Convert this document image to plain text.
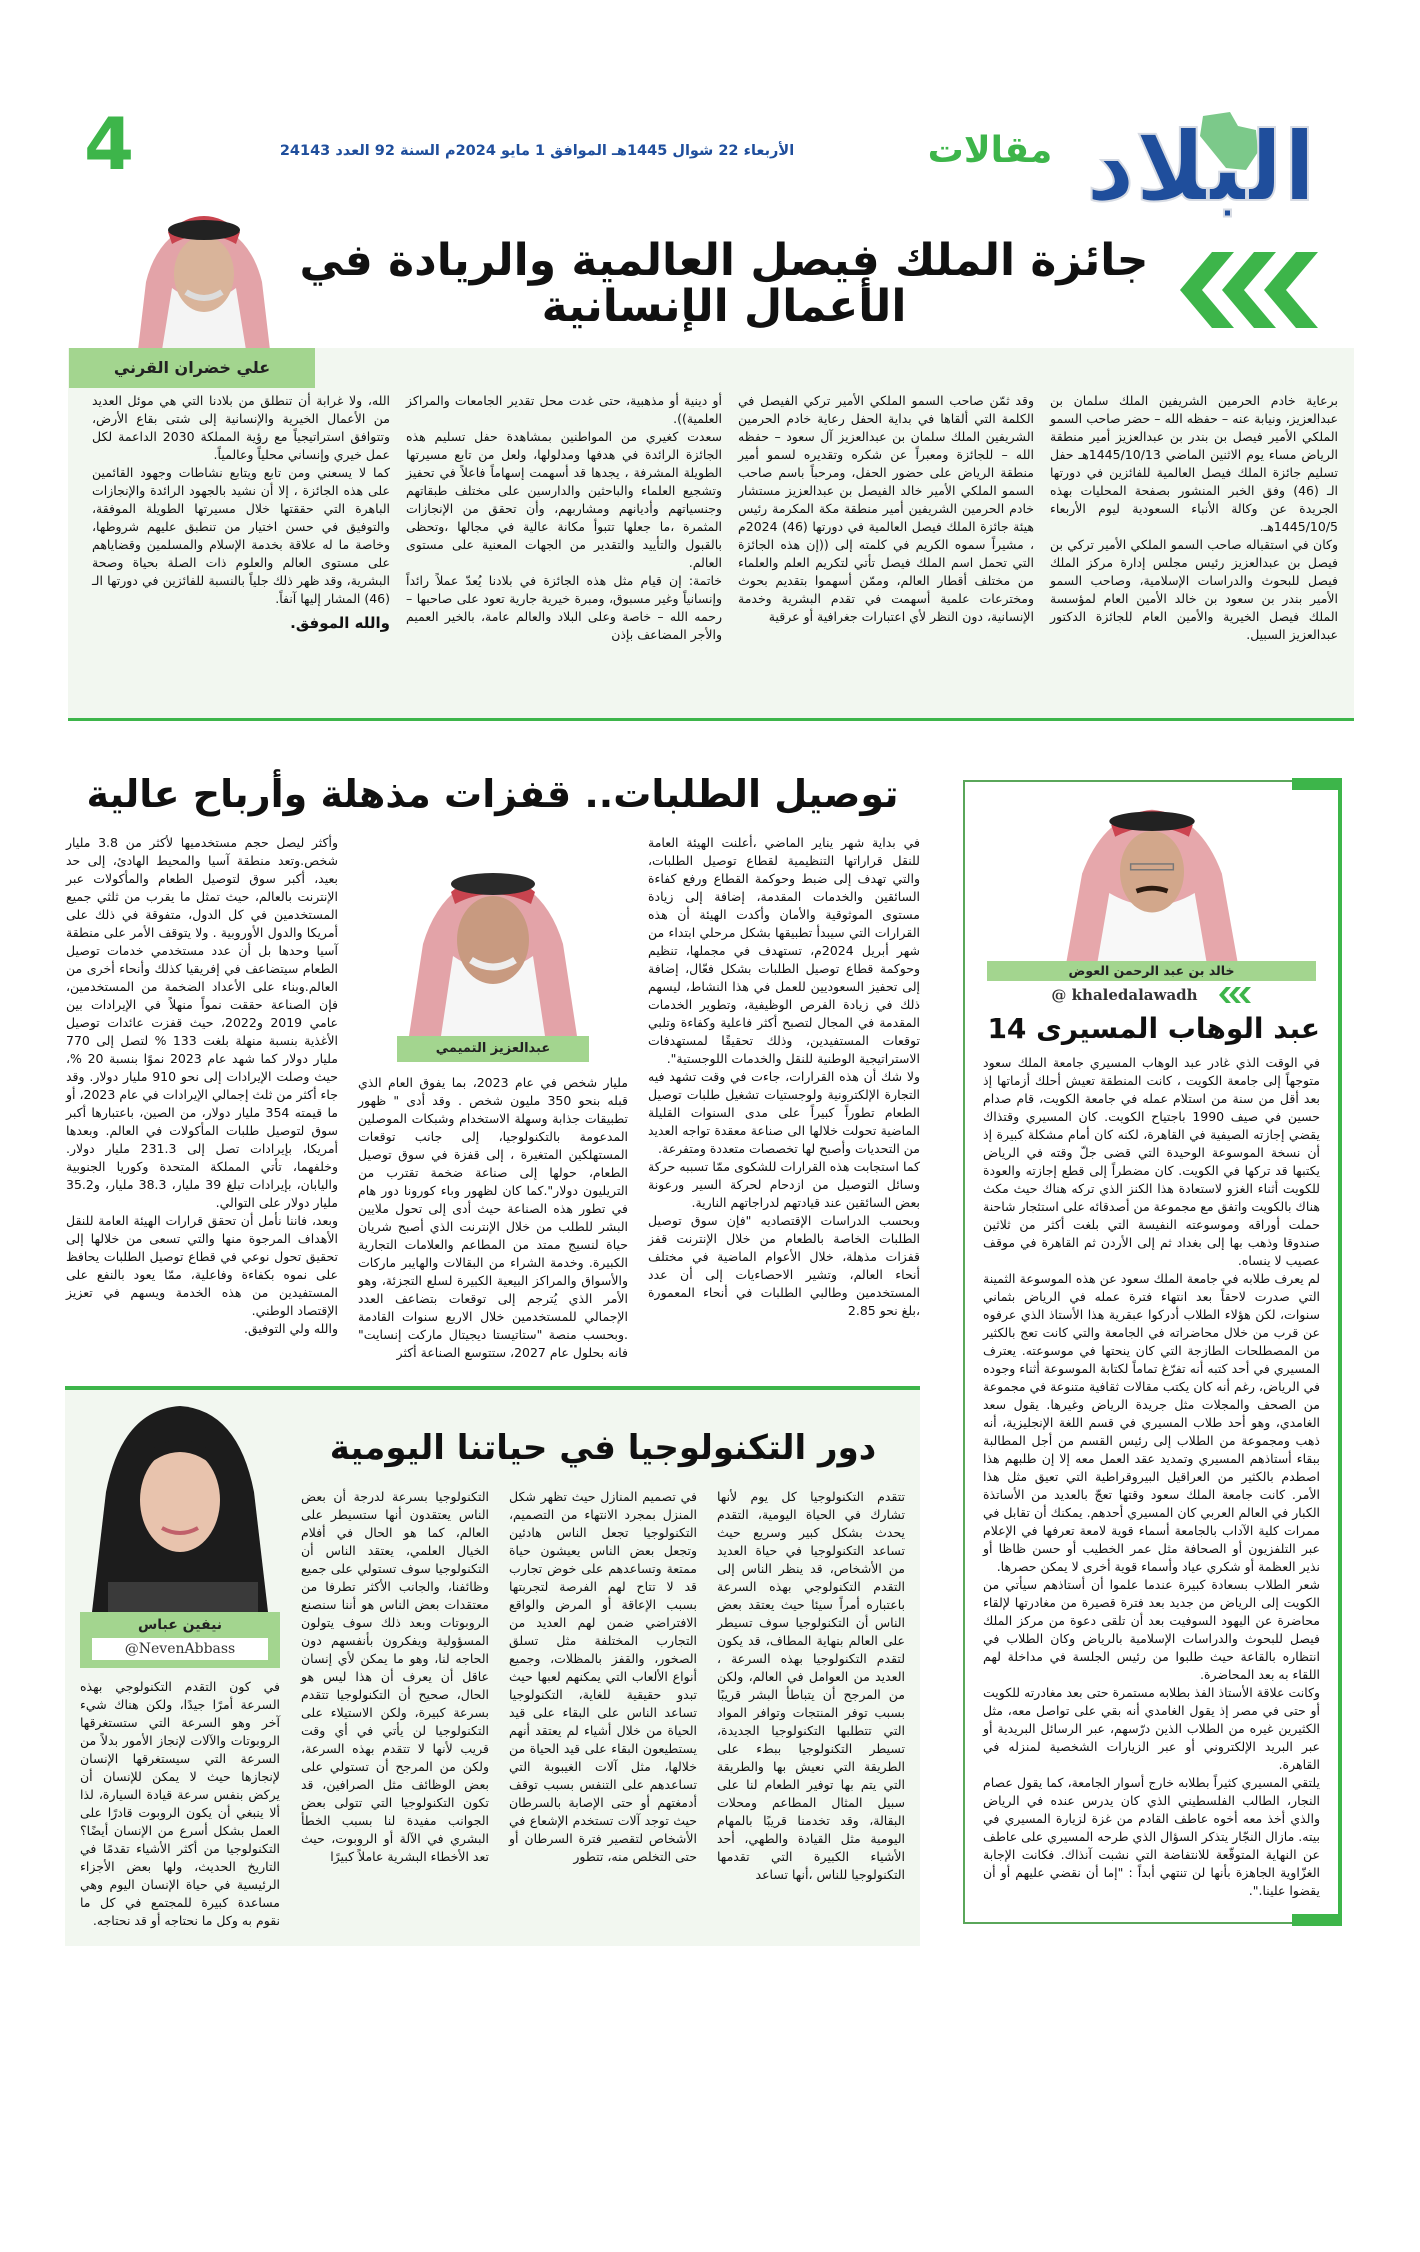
البلاد
مقالات
الأربعاء 22 شوال 1445هـ الموافق 1 مايو 2024م السنة 92 العدد 24143
4
جائزة الملك فيصل العالمية والريادة في الأعمال الإنسانية

برعاية خادم الحرمين الشريفين الملك سلمان بن عبدالعزيز، ونيابة عنه – حفظه الله – حضر صاحب السمو الملكي الأمير فيصل بن بندر بن عبدالعزيز أمير منطقة الرياض مساء يوم الاثنين الماضي 1445/10/13هـ حفل تسليم جائزة الملك فيصل العالمية للفائزين في دورتها الـ (46) وفق الخبر المنشور بصفحة المحليات بهذه الجريدة عن وكالة الأنباء السعودية ليوم الأربعاء 1445/10/5هـ.

وكان في استقباله صاحب السمو الملكي الأمير تركي بن فيصل بن عبدالعزيز رئيس مجلس إدارة مركز الملك فيصل للبحوث والدراسات الإسلامية، وصاحب السمو الأمير بندر بن سعود بن خالد الأمين العام لمؤسسة الملك فيصل الخيرية والأمين العام للجائزة الدكتور عبدالعزيز السبيل.

وقد ثمّن صاحب السمو الملكي الأمير تركي الفيصل في الكلمة التي ألقاها في بداية الحفل رعاية خادم الحرمين الشريفين الملك سلمان بن عبدالعزيز آل سعود – حفظه الله – للجائزة ومعبراً عن شكره وتقديره لسمو أمير منطقة الرياض على حضور الحفل، ومرحباً باسم صاحب السمو الملكي الأمير خالد الفيصل بن عبدالعزيز مستشار خادم الحرمين الشريفين أمير منطقة مكة المكرمة رئيس هيئة جائزة الملك فيصل العالمية في دورتها (46) 2024م ، مشيراً سموه الكريم في كلمته إلى ((إن هذه الجائزة التي تحمل اسم الملك فيصل تأتي لتكريم العلم والعلماء من مختلف أقطار العالم، وممّن أسهموا بتقديم بحوث ومخترعات علمية أسهمت في تقدم البشرية وخدمة الإنسانية، دون النظر لأي اعتبارات جغرافية أو عرقية

أو دينية أو مذهبية، حتى غدت محل تقدير الجامعات والمراكز العلمية)).

سعدت كغيري من المواطنين بمشاهدة حفل تسليم هذه الجائزة الرائدة في هدفها ومدلولها، ولعل من تابع مسيرتها الطويلة المشرفة ، يجدها قد أسهمت إسهاماً فاعلاً في تحفيز وتشجيع العلماء والباحثين والدارسين على مختلف طبقاتهم وجنسياتهم وأديانهم ومشاربهم، وأن تحقق من الإنجازات المثمرة ،ما جعلها تتبوأ مكانة عالية في مجالها ،وتحظى بالقبول والتأييد والتقدير من الجهات المعنية على مستوى العالم.

خاتمة: إن قيام مثل هذه الجائزة في بلادنا يُعدّ عملاً رائداً وإنسانياً وغير مسبوق، ومبرة خيرية جارية تعود على صاحبها – رحمه الله – خاصة وعلى البلاد والعالم عامة، بالخير العميم والأجر المضاعف بإذن

الله، ولا غرابة أن تنطلق من بلادنا التي هي موئل العديد من الأعمال الخيرية والإنسانية إلى شتى بقاع الأرض، وتتوافق استراتيجياً مع رؤية المملكة 2030 الداعمة لكل عمل خيري وإنساني محلياً وعالمياً.

كما لا يسعني ومن تابع ويتابع نشاطات وجهود القائمين على هذه الجائزة ، إلا أن نشيد بالجهود الرائدة والإنجازات الباهرة التي حققتها خلال مسيرتها الطويلة الموفقة، والتوفيق في حسن اختيار من تنطبق عليهم شروطها، وخاصة ما له علاقة بخدمة الإسلام والمسلمين وقضاياهم على مستوى العالم والعلوم ذات الصلة بحياة وصحة البشرية، وقد ظهر ذلك جلياً بالنسبة للفائزين في دورتها الـ (46) المشار إليها آنفاً.

والله الموفق.

علي خضران القرني
توصيل الطلبات.. قفزات مذهلة وأرباح عالية

في بداية شهر يناير الماضي ،أعلنت الهيئة العامة للنقل قراراتها التنظيمية لقطاع توصيل الطلبات، والتي تهدف إلى ضبط وحوكمة القطاع ورفع كفاءة السائقين والخدمات المقدمة، إضافة إلى زيادة مستوى الموثوقية والأمان وأكدت الهيئة أن هذه القرارات التي سيبدأ تطبيقها بشكل مرحلي ابتداء من شهر أبريل 2024م، تستهدف في مجملها، تنظيم وحوكمة قطاع توصيل الطلبات بشكل فعّال، إضافة إلى تحفيز السعوديين للعمل في هذا النشاط، ليسهم ذلك في زيادة الفرص الوظيفية، وتطوير الخدمات المقدمة في المجال لتصبح أكثر فاعلية وكفاءة وتلبي توقعات المستفيدين، وذلك تحقيقًا لمستهدفات الاستراتيجية الوطنية للنقل والخدمات اللوجستية".

ولا شك أن هذه القرارات، جاءت في وقت تشهد فيه التجارة الإلكترونية ولوجستيات تشغيل طلبات توصيل الطعام تطوراً كبيراً على مدى السنوات القليلة الماضية تحولت خلالها الى صناعة معقدة تواجه العديد من التحديات وأصبح لها تخصصات متعددة ومتفرعة.

كما استجابت هذه القرارات للشكوى ممّا تسببه حركة وسائل التوصيل من ازدحام لحركة السير ورعونة بعض السائقين عند قيادتهم لدراجاتهم النارية.

وبحسب الدراسات الإقتصاديه "فإن سوق توصيل الطلبات الخاصة بالطعام من خلال الإنترنت قفز قفزات مذهلة، خلال الأعوام الماضية في مختلف أنحاء العالم، وتشير الاحصاءيات إلى أن عدد المستخدمين وطالبي الطلبات في أنحاء المعمورة ،بلغ نحو 2.85

عبدالعزيز التميمي

مليار شخص في عام 2023، بما يفوق العام الذي قبله بنحو 350 مليون شخص . وقد أدى " ظهور تطبيقات جذابة وسهلة الاستخدام وشبكات الموصلين المدعومة بالتكنولوجيا، إلى جانب توقعات المستهلكين المتغيرة ، إلى قفزة في سوق توصيل الطعام، حولها إلى صناعة ضخمة تقترب من التريليون دولار".كما كان لظهور وباء كورونا دور هام في تطور هذه الصناعة حيث أدى إلى تحول ملايين البشر للطلب من خلال الإنترنت الذي أصبح شريان حياة لنسيج ممتد من المطاعم والعلامات التجارية الكبيرة. وخدمة الشراء من البقالات والهايبر ماركات والأسواق والمراكز البيعية الكبيرة لسلع التجزئة، وهو الأمر الذي يُترجم إلى توقعات بتضاعف العدد الإجمالي للمستخدمين خلال الاربع سنوات القادمة .وبحسب منصة "ستاتيستا ديجيتال ماركت إنسايت" فانه بحلول عام 2027، ستتوسع الصناعة أكثر

وأكثر ليصل حجم مستخدميها لأكثر من 3.8 مليار شخص.وتعد منطقة آسيا والمحيط الهادئ، إلى حد بعيد، أكبر سوق لتوصيل الطعام والمأكولات عبر الإنترنت بالعالم، حيث تمثل ما يقرب من ثلثي جميع المستخدمين في كل الدول، متفوقة في ذلك على أمريكا والدول الأوروبية . ولا يتوقف الأمر على منطقة آسيا وحدها بل أن عدد مستخدمي خدمات توصيل الطعام سيتضاعف في إفريقيا كذلك وأنحاء أخرى من العالم.وبناء على الأعداد الضخمة من المستخدمين، فإن الصناعة حققت نمواً منهلاً في الإيرادات بين عامي 2019 و2022، حيث قفزت عائدات توصيل الأغذية بنسبة منهلة بلغت 133 % لتصل إلى 770 مليار دولار كما شهد عام 2023 نموًا بنسبة 20 %، حيث وصلت الإيرادات إلى نحو 910 مليار دولار. وقد جاء أكثر من ثلث إجمالي الإيرادات في عام 2023، أو ما قيمته 354 مليار دولار، من الصين، باعتبارها أكبر سوق لتوصيل طلبات المأكولات في العالم. وبعدها أمريكا، بإيرادات تصل إلى 231.3 مليار دولار. وخلفهما، تأتي المملكة المتحدة وكوريا الجنوبية واليابان، بإيرادات تبلغ 39 مليار، 38.3 مليار، و35.2 مليار دولار على التوالي.

وبعد، فاننا نأمل أن تحقق قرارات الهيئة العامة للنقل الأهداف المرجوة منها والتي تسعى من خلالها إلى تحقيق تحول نوعي في قطاع توصيل الطلبات يحافظ على نموه بكفاءة وفاعلية، ممّا يعود بالنفع على المستفيدين من هذه الخدمة ويسهم في تعزيز الإقتصاد الوطني.

والله ولي التوفيق.

دور التكنولوجيا في حياتنا اليومية

تتقدم التكنولوجيا كل يوم لأنها تشارك في الحياة اليومية، التقدم يحدث بشكل كبير وسريع حيث تساعد التكنولوجيا في حياة العديد من الأشخاص، قد ينظر الناس إلى التقدم التكنولوجي بهذه السرعة باعتباره أمراً سيئا حيث يعتقد بعض الناس أن التكنولوجيا سوف تسيطر على العالم بنهاية المطاف، قد يكون لتقدم التكنولوجيا بهذه السرعة ، العديد من العوامل في العالم، ولكن من المرجح أن يتباطأ البشر قريبًا بسبب توفر المنتجات وتوافر المواد التي تتطلبها التكنولوجيا الجديدة، تسيطر التكنولوجيا ببطء على الطريقة التي نعيش بها والطريقة التي يتم بها توفير الطعام لنا على سبيل المثال المطاعم ومحلات البقالة، وقد تخدمنا قريبًا بالمهام اليومية مثل القيادة والطهي، أحد الأشياء الكبيرة التي تقدمها التكنولوجيا للناس ،أنها تساعد

في تصميم المنازل حيث تظهر شكل المنزل بمجرد الانتهاء من التصميم، التكنولوجيا تجعل الناس هادئين وتجعل بعض الناس يعيشون حياة ممتعة وتساعدهم على خوض تجارب قد لا تتاح لهم الفرصة لتجربتها بسبب الإعاقة أو المرض والواقع الافتراضي ضمن لهم العديد من التجارب المختلفة مثل تسلق الصخور، والقفز بالمظلات، وجميع أنواع الألعاب التي يمكنهم لعبها حيث تبدو حقيقية للغاية، التكنولوجيا تساعد الناس على البقاء على قيد الحياة من خلال أشياء لم يعتقد أنهم يستطيعون البقاء على قيد الحياة من خلالها، مثل آلات الغيبوبة التي تساعدهم على التنفس بسبب توقف أدمغتهم أو حتى الإصابة بالسرطان حيث توجد آلات تستخدم الإشعاع في الأشخاص لتقصير فترة السرطان أو حتى التخلص منه، تتطور

التكنولوجيا بسرعة لدرجة أن بعض الناس يعتقدون أنها ستسيطر على العالم، كما هو الحال في أفلام الخيال العلمي، يعتقد الناس أن التكنولوجيا سوف تستولي على جميع وظائفنا، والجانب الأكثر تطرفا من معتقدات بعض الناس هو أننا سنصنع الروبوتات وبعد ذلك سوف يتولون المسؤولية ويفكرون بأنفسهم دون الحاجه لنا، وهو ما يمكن لأي إنسان عاقل أن يعرف أن هذا ليس هو الحال، صحيح أن التكنولوجيا تتقدم بسرعة كبيرة، ولكن الاستيلاء على التكنولوجيا لن يأتي في أي وقت قريب لأنها لا تتقدم بهذه السرعة، ولكن من المرجح أن تستولي على بعض الوظائف مثل الصرافين، قد تكون التكنولوجيا التي تتولى بعض الجوانب مفيدة لنا بسبب الخطأ البشري في الآلة أو الروبوت، حيث تعد الأخطاء البشرية عاملاً كبيرًا

نيفين عباس
@NevenAbbass

في كون التقدم التكنولوجي بهذه السرعة أمرًا جيدًا، ولكن هناك شيء آخر وهو السرعة التي ستستغرقها الروبوتات والآلات لإنجاز الأمور بدلاً من السرعة التي سيستغرقها الإنسان لإنجازها حيث لا يمكن للإنسان أن يركض بنفس سرعة قيادة السيارة، لذا ألا ينبغي أن يكون الروبوت قادرًا على العمل بشكل أسرع من الإنسان أيضًا؟ التكنولوجيا من أكثر الأشياء تقدمًا في التاريخ الحديث، ولها بعض الأجزاء الرئيسية في حياة الإنسان اليوم وهي مساعدة كبيرة للمجتمع في كل ما نقوم به وكل ما نحتاجه أو قد نحتاجه.

خالد بن عبد الرحمن العوض
@ khaledalawadh
عبد الوهاب المسيرى 14

في الوقت الذي غادر عبد الوهاب المسيري جامعة الملك سعود متوجهاً إلى جامعة الكويت ، كانت المنطقة تعيش أحلك أزماتها إذ بعد أقل من سنة من استلام عمله في جامعة الكويت، قام صدام حسين في صيف 1990 باجتياح الكويت. كان المسيري وقتذاك يقضي إجازته الصيفية في القاهرة، لكنه كان أمام مشكلة كبيرة إذ أن نسخة الموسوعة الوحيدة التي قضى جلّ وقته في الرياض يكتبها قد تركها في الكويت. كان مضطراً إلى قطع إجازته والعودة للكويت أثناء الغزو لاستعادة هذا الكنز الذي تركه هناك حيث مكث هناك بالكويت واتفق مع مجموعة من أصدقائه على استئجار شاحنة حملت أوراقه وموسوعته النفيسة التي بلغت أكثر من ثلاثين صندوقا وذهب بها إلى بغداد ثم إلى الأردن ثم القاهرة في موقف عصيب لا ينساه.

لم يعرف طلابه في جامعة الملك سعود عن هذه الموسوعة الثمينة التي صدرت لاحقاً بعد انتهاء فترة عمله في الرياض بثماني سنوات، لكن هؤلاء الطلاب أدركوا عبقرية هذا الأستاذ الذي عرفوه عن قرب من خلال محاضراته في الجامعة والتي كانت تعج بالكثير من المصطلحات الطازجة التي كان ينحتها في موسوعته. يعترف المسيري في أحد كتبه أنه تفرّغ تماماً لكتابة الموسوعة أثناء وجوده في الرياض، رغم أنه كان يكتب مقالات ثقافية متنوعة في مجموعة من الصحف والمجلات مثل جريدة الرياض وغيرها. يقول سعد الغامدي، وهو أحد طلاب المسيري في قسم اللغة الإنجليزية، أنه ذهب ومجموعة من الطلاب إلى رئيس القسم من أجل المطالبة ببقاء أستاذهم المسيري وتمديد عقد العمل معه إلا إن طلبهم هذا اصطدم بالكثير من العراقيل البيروقراطية التي تعيق مثل هذا الأمر. كانت جامعة الملك سعود وقتها تعجّ بالعديد من الأساتذة الكبار في العالم العربي كان المسيري أحدهم. يمكنك أن تقابل في ممرات كلية الآداب بالجامعة أسماء قوية لامعة تعرفها في الإعلام عبر التلفزيون أو الصحافة مثل عمر الخطيب أو حسن ظاظا أو نذير العظمة أو شكري عياد وأسماء قوية أخرى لا يمكن حصرها.

شعر الطلاب بسعادة كبيرة عندما علموا أن أستاذهم سيأتي من الكويت إلى الرياض من جديد بعد فترة قصيرة من مغادرتها لإلقاء محاضرة عن اليهود السوفيت بعد أن تلقى دعوة من مركز الملك فيصل للبحوث والدراسات الإسلامية بالرياض وكان الطلاب في انتظاره بالقاعة حيث طلبوا من رئيس الجلسة في مداخلة لهم اللقاء به بعد المحاضرة.

وكانت علاقة الأستاذ الفذ بطلابه مستمرة حتى بعد مغادرته للكويت أو حتى في مصر إذ يقول الغامدي أنه بقي على تواصل معه، مثل الكثيرين غيره من الطلاب الذين درّسهم، عبر الرسائل البريدية أو عبر البريد الإلكتروني أو عبر الزيارات الشخصية لمنزله في القاهرة.

يلتقي المسيري كثيراً بطلابه خارج أسوار الجامعة، كما يقول عصام النجار، الطالب الفلسطيني الذي كان يدرس عنده في الرياض والذي أخذ معه أخوه عاطف القادم من غزة لزيارة المسيري في بيته. مازال النجّار يتذكر السؤال الذي طرحه المسيري على عاطف عن النهاية المتوقّعة للانتفاضة التي نشبت آنذاك. فكانت الإجابة الغزّاوية الجاهزة بأنها لن تنتهي أبداً : "إما أن نقضي عليهم أو أن يقضوا علينا.".
